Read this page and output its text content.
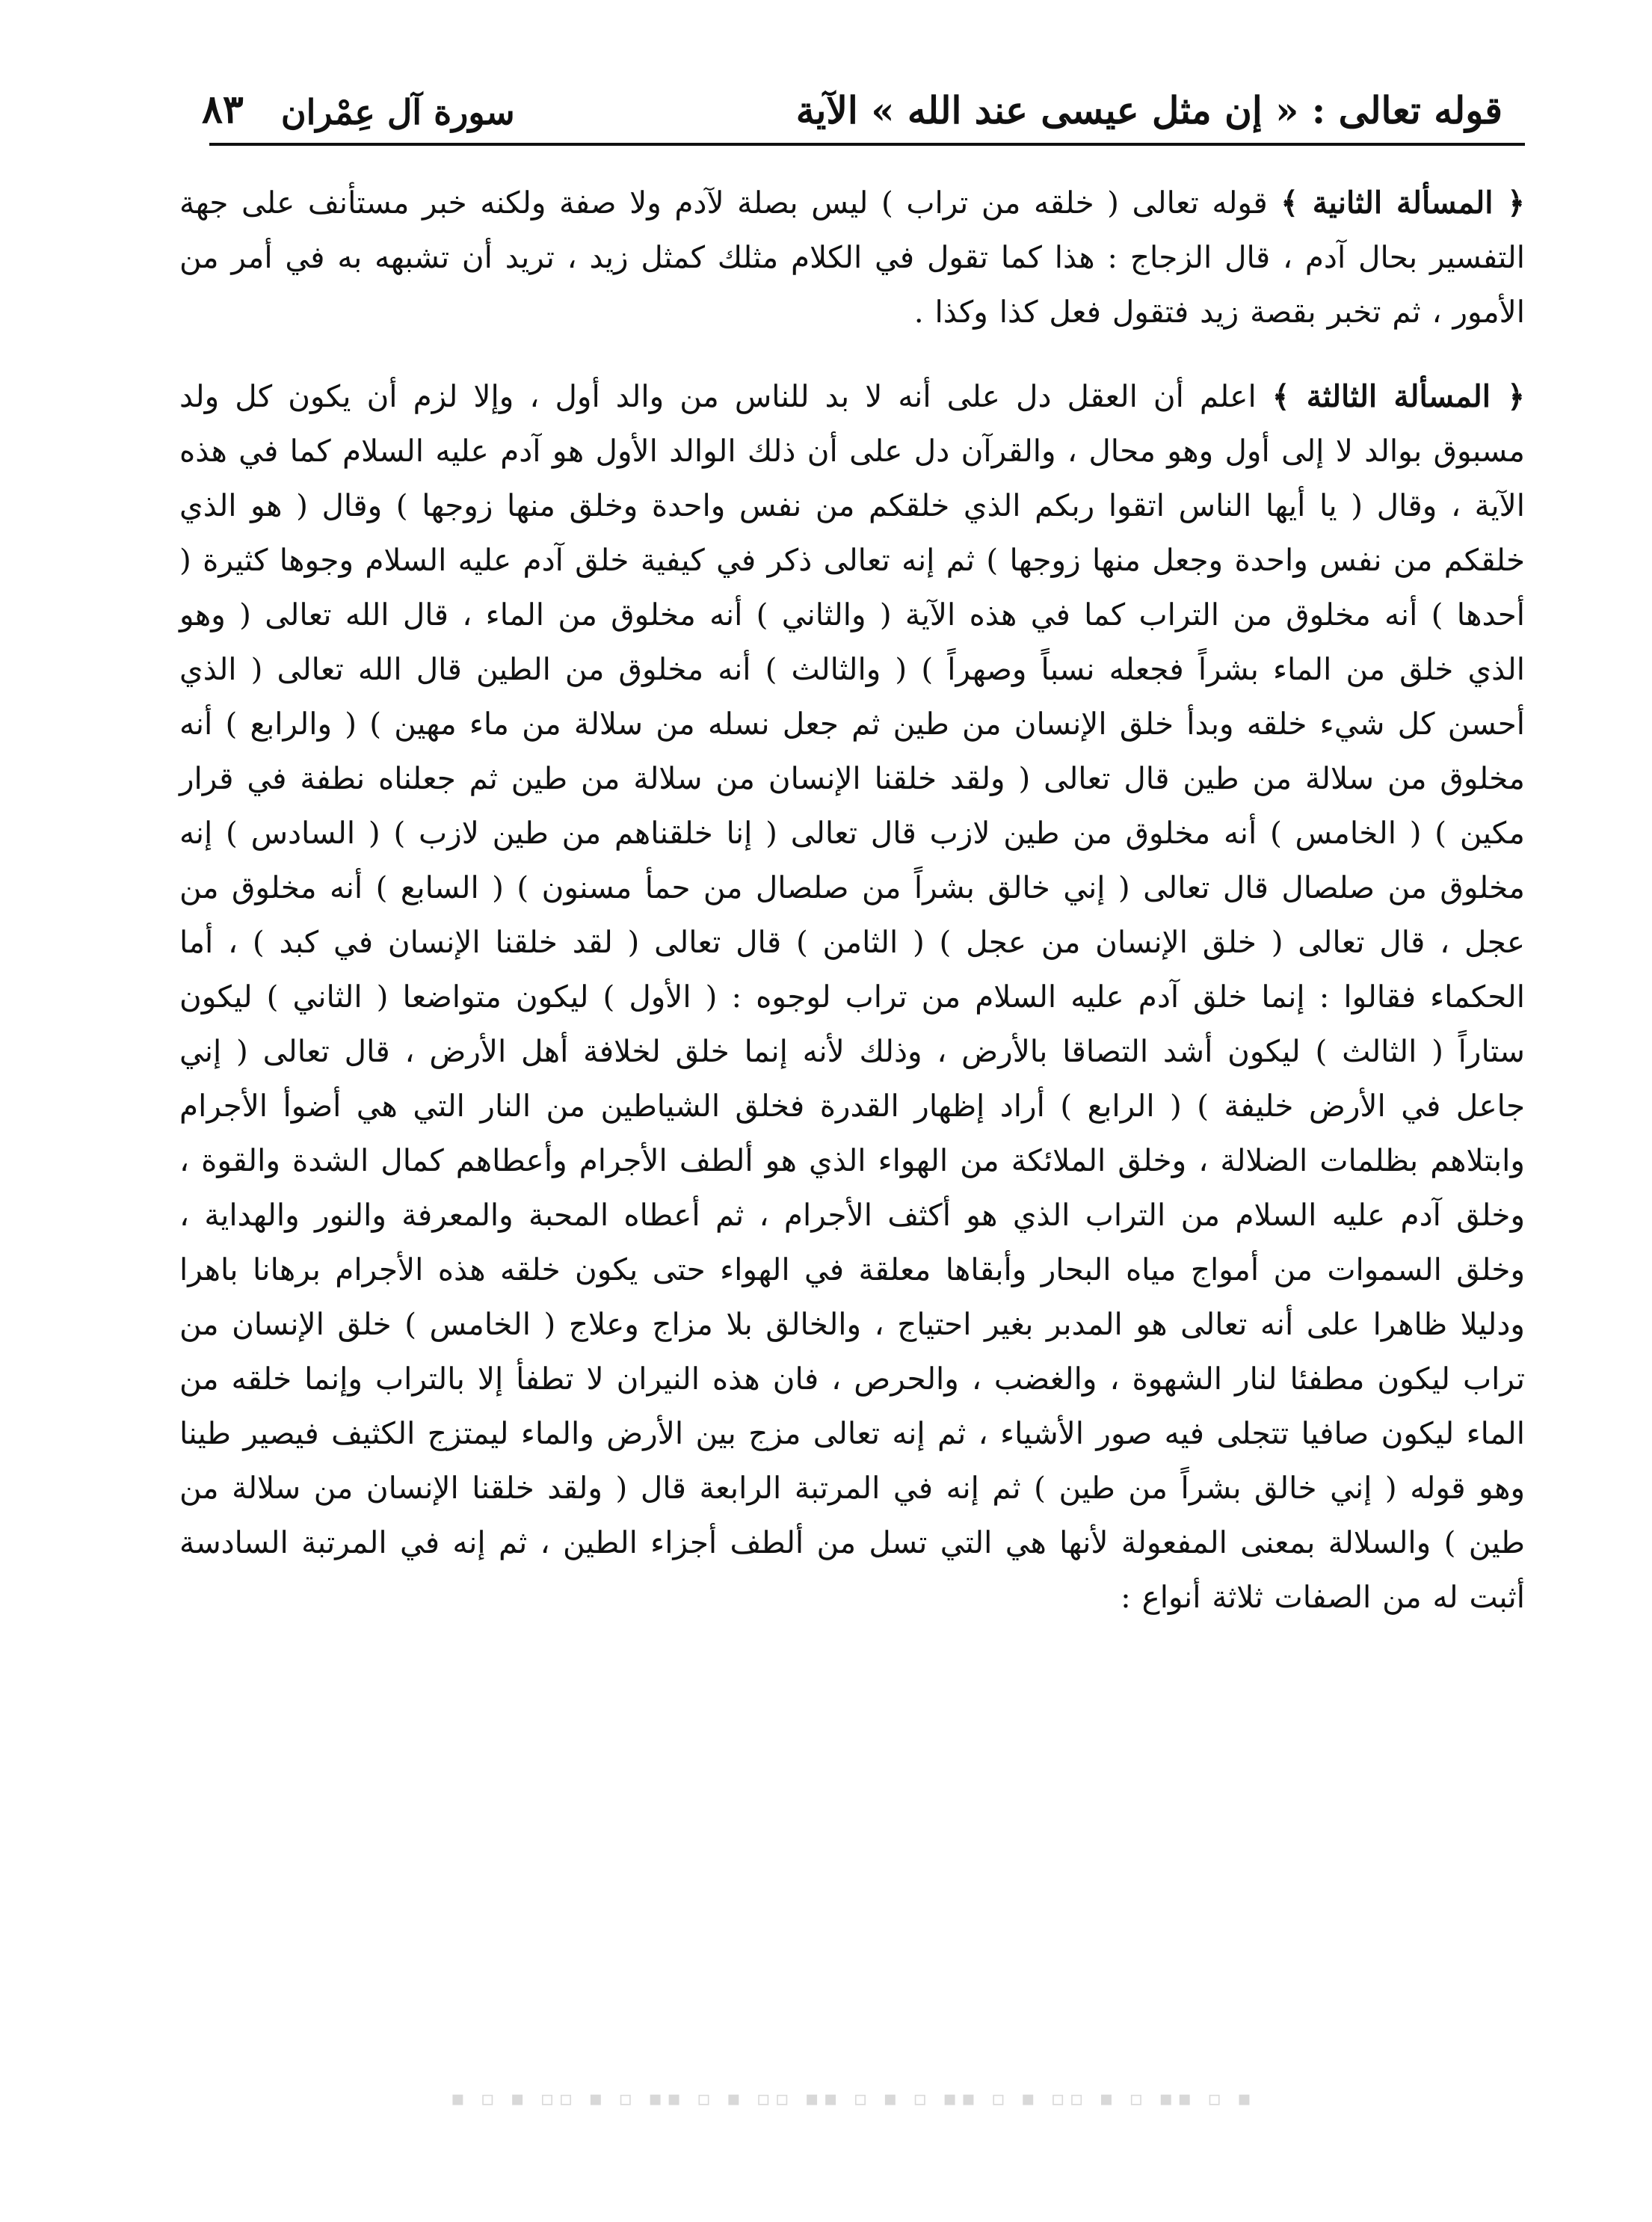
قوله تعالى : « إن مثل عيسى عند الله » الآية
سورة آل عِمْران
٨٣

﴿ المسألة الثانية ﴾ قوله تعالى ( خلقه من تراب ) ليس بصلة لآدم ولا صفة ولكنه خبر مستأنف على جهة التفسير بحال آدم ، قال الزجاج : هذا كما تقول في الكلام مثلك كمثل زيد ، تريد أن تشبهه به في أمر من الأمور ، ثم تخبر بقصة زيد فتقول فعل كذا وكذا .

﴿ المسألة الثالثة ﴾ اعلم أن العقل دل على أنه لا بد للناس من والد أول ، وإلا لزم أن يكون كل ولد مسبوق بوالد لا إلى أول وهو محال ، والقرآن دل على أن ذلك الوالد الأول هو آدم عليه السلام كما في هذه الآية ، وقال ( يا أيها الناس اتقوا ربكم الذي خلقكم من نفس واحدة وخلق منها زوجها ) وقال ( هو الذي خلقكم من نفس واحدة وجعل منها زوجها ) ثم إنه تعالى ذكر في كيفية خلق آدم عليه السلام وجوها كثيرة ( أحدها ) أنه مخلوق من التراب كما في هذه الآية ( والثاني ) أنه مخلوق من الماء ، قال الله تعالى ( وهو الذي خلق من الماء بشراً فجعله نسباً وصهراً ) ( والثالث ) أنه مخلوق من الطين قال الله تعالى ( الذي أحسن كل شيء خلقه وبدأ خلق الإنسان من طين ثم جعل نسله من سلالة من ماء مهين ) ( والرابع ) أنه مخلوق من سلالة من طين قال تعالى ( ولقد خلقنا الإنسان من سلالة من طين ثم جعلناه نطفة في قرار مكين ) ( الخامس ) أنه مخلوق من طين لازب قال تعالى ( إنا خلقناهم من طين لازب ) ( السادس ) إنه مخلوق من صلصال قال تعالى ( إني خالق بشراً من صلصال من حمأ مسنون ) ( السابع ) أنه مخلوق من عجل ، قال تعالى ( خلق الإنسان من عجل ) ( الثامن ) قال تعالى ( لقد خلقنا الإنسان في كبد ) ، أما الحكماء فقالوا : إنما خلق آدم عليه السلام من تراب لوجوه : ( الأول ) ليكون متواضعا ( الثاني ) ليكون ستاراً ( الثالث ) ليكون أشد التصاقا بالأرض ، وذلك لأنه إنما خلق لخلافة أهل الأرض ، قال تعالى ( إني جاعل في الأرض خليفة ) ( الرابع ) أراد إظهار القدرة فخلق الشياطين من النار التي هي أضوأ الأجرام وابتلاهم بظلمات الضلالة ، وخلق الملائكة من الهواء الذي هو ألطف الأجرام وأعطاهم كمال الشدة والقوة ، وخلق آدم عليه السلام من التراب الذي هو أكثف الأجرام ، ثم أعطاه المحبة والمعرفة والنور والهداية ، وخلق السموات من أمواج مياه البحار وأبقاها معلقة في الهواء حتى يكون خلقه هذه الأجرام برهانا باهرا ودليلا ظاهرا على أنه تعالى هو المدبر بغير احتياج ، والخالق بلا مزاج وعلاج ( الخامس ) خلق الإنسان من تراب ليكون مطفئا لنار الشهوة ، والغضب ، والحرص ، فان هذه النيران لا تطفأ إلا بالتراب وإنما خلقه من الماء ليكون صافيا تتجلى فيه صور الأشياء ، ثم إنه تعالى مزج بين الأرض والماء ليمتزج الكثيف فيصير طينا وهو قوله ( إني خالق بشراً من طين ) ثم إنه في المرتبة الرابعة قال ( ولقد خلقنا الإنسان من سلالة من طين ) والسلالة بمعنى المفعولة لأنها هي التي تسل من ألطف أجزاء الطين ، ثم إنه في المرتبة السادسة أثبت له من الصفات ثلاثة أنواع :

▪ ▫ ▪▪ ▫ ▪ ▫▫ ▪ ▫ ▪▪ ▫ ▪ ▫ ▪▪ ▫▫ ▪ ▫ ▪▪ ▫ ▪ ▫▫ ▪ ▫ ▪
